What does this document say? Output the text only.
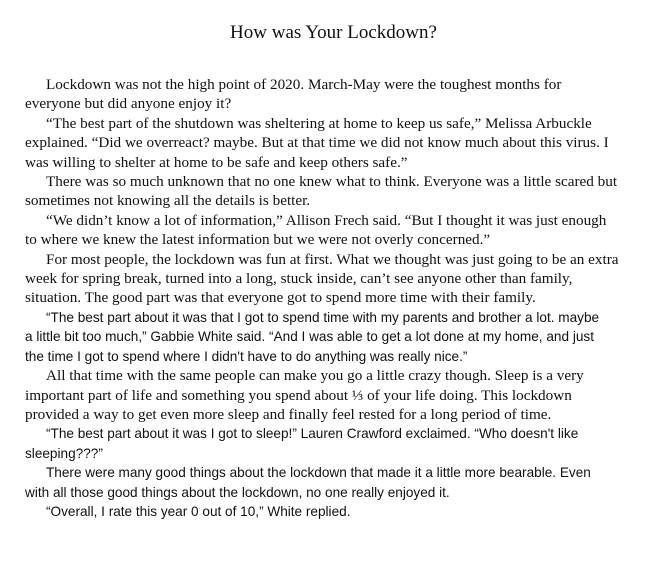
How was Your Lockdown?

Lockdown was not the high point of 2020. March-May were the toughest months for
everyone but did anyone enjoy it?

“The best part of the shutdown was sheltering at home to keep us safe,” Melissa Arbuckle
explained. “Did we overreact? maybe. But at that time we did not know much about this virus. I
was willing to shelter at home to be safe and keep others safe.”

There was so much unknown that no one knew what to think. Everyone was a little scared but
sometimes not knowing all the details is better.

“We didn’t know a lot of information,” Allison Frech said. “But I thought it was just enough
to where we knew the latest information but we were not overly concerned.”

For most people, the lockdown was fun at first. What we thought was just going to be an extra
week for spring break, turned into a long, stuck inside, can’t see anyone other than family,
situation. The good part was that everyone got to spend more time with their family.

“The best part about it was that I got to spend time with my parents and brother a lot. maybe
a little bit too much,” Gabbie White said. “And I was able to get a lot done at my home, and just
the time I got to spend where I didn't have to do anything was really nice.”

All that time with the same people can make you go a little crazy though. Sleep is a very
important part of life and something you spend about ⅓ of your life doing. This lockdown
provided a way to get even more sleep and finally feel rested for a long period of time.

“The best part about it was I got to sleep!” Lauren Crawford exclaimed. “Who doesn't like
sleeping???”

There were many good things about the lockdown that made it a little more bearable. Even
with all those good things about the lockdown, no one really enjoyed it.

“Overall, I rate this year 0 out of 10,” White replied.
